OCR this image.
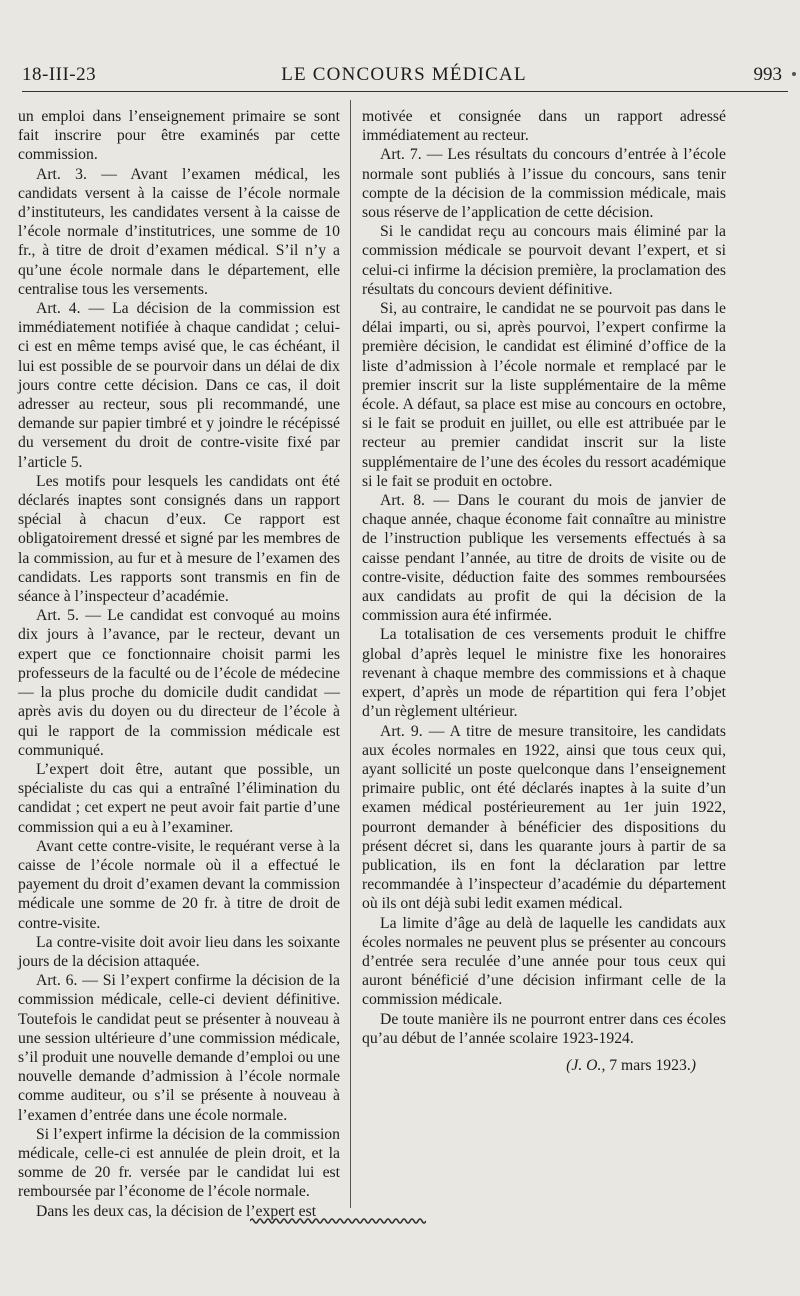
18-III-23	LE CONCOURS MÉDICAL	993

un emploi dans l’enseignement primaire se sont fait inscrire pour être examinés par cette commission.

Art. 3. — Avant l’examen médical, les candidats versent à la caisse de l’école normale d’instituteurs, les candidates versent à la caisse de l’école normale d’institutrices, une somme de 10 fr., à titre de droit d’examen médical. S’il n’y a qu’une école normale dans le département, elle centralise tous les versements.

Art. 4. — La décision de la commission est immédiatement notifiée à chaque candidat ; celui-ci est en même temps avisé que, le cas échéant, il lui est possible de se pourvoir dans un délai de dix jours contre cette décision. Dans ce cas, il doit adresser au recteur, sous pli recommandé, une demande sur papier timbré et y joindre le récépissé du versement du droit de contre-visite fixé par l’article 5.

Les motifs pour lesquels les candidats ont été déclarés inaptes sont consignés dans un rapport spécial à chacun d’eux. Ce rapport est obligatoirement dressé et signé par les membres de la commission, au fur et à mesure de l’examen des candidats. Les rapports sont transmis en fin de séance à l’inspecteur d’académie.

Art. 5. — Le candidat est convoqué au moins dix jours à l’avance, par le recteur, devant un expert que ce fonctionnaire choisit parmi les professeurs de la faculté ou de l’école de médecine — la plus proche du domicile dudit candidat — après avis du doyen ou du directeur de l’école à qui le rapport de la commission médicale est communiqué.

L’expert doit être, autant que possible, un spécialiste du cas qui a entraîné l’élimination du candidat ; cet expert ne peut avoir fait partie d’une commission qui a eu à l’examiner.

Avant cette contre-visite, le requérant verse à la caisse de l’école normale où il a effectué le payement du droit d’examen devant la commission médicale une somme de 20 fr. à titre de droit de contre-visite.

La contre-visite doit avoir lieu dans les soixante jours de la décision attaquée.

Art. 6. — Si l’expert confirme la décision de la commission médicale, celle-ci devient définitive. Toutefois le candidat peut se présenter à nouveau à une session ultérieure d’une commission médicale, s’il produit une nouvelle demande d’emploi ou une nouvelle demande d’admission à l’école normale comme auditeur, ou s’il se présente à nouveau à l’examen d’entrée dans une école normale.

Si l’expert infirme la décision de la commission médicale, celle-ci est annulée de plein droit, et la somme de 20 fr. versée par le candidat lui est remboursée par l’économe de l’école normale.

Dans les deux cas, la décision de l’expert est

motivée et consignée dans un rapport adressé immédiatement au recteur.

Art. 7. — Les résultats du concours d’entrée à l’école normale sont publiés à l’issue du concours, sans tenir compte de la décision de la commission médicale, mais sous réserve de l’application de cette décision.

Si le candidat reçu au concours mais éliminé par la commission médicale se pourvoit devant l’expert, et si celui-ci infirme la décision première, la proclamation des résultats du concours devient définitive.

Si, au contraire, le candidat ne se pourvoit pas dans le délai imparti, ou si, après pourvoi, l’expert confirme la première décision, le candidat est éliminé d’office de la liste d’admission à l’école normale et remplacé par le premier inscrit sur la liste supplémentaire de la même école. A défaut, sa place est mise au concours en octobre, si le fait se produit en juillet, ou elle est attribuée par le recteur au premier candidat inscrit sur la liste supplémentaire de l’une des écoles du ressort académique si le fait se produit en octobre.

Art. 8. — Dans le courant du mois de janvier de chaque année, chaque économe fait connaître au ministre de l’instruction publique les versements effectués à sa caisse pendant l’année, au titre de droits de visite ou de contre-visite, déduction faite des sommes remboursées aux candidats au profit de qui la décision de la commission aura été infirmée.

La totalisation de ces versements produit le chiffre global d’après lequel le ministre fixe les honoraires revenant à chaque membre des commissions et à chaque expert, d’après un mode de répartition qui fera l’objet d’un règlement ultérieur.

Art. 9. — A titre de mesure transitoire, les candidats aux écoles normales en 1922, ainsi que tous ceux qui, ayant sollicité un poste quelconque dans l’enseignement primaire public, ont été déclarés inaptes à la suite d’un examen médical postérieurement au 1er juin 1922, pourront demander à bénéficier des dispositions du présent décret si, dans les quarante jours à partir de sa publication, ils en font la déclaration par lettre recommandée à l’inspecteur d’académie du département où ils ont déjà subi ledit examen médical.

La limite d’âge au delà de laquelle les candidats aux écoles normales ne peuvent plus se présenter au concours d’entrée sera reculée d’une année pour tous ceux qui auront bénéficié d’une décision infirmant celle de la commission médicale.

De toute manière ils ne pourront entrer dans ces écoles qu’au début de l’année scolaire 1923-1924.

(J. O., 7 mars 1923.)
